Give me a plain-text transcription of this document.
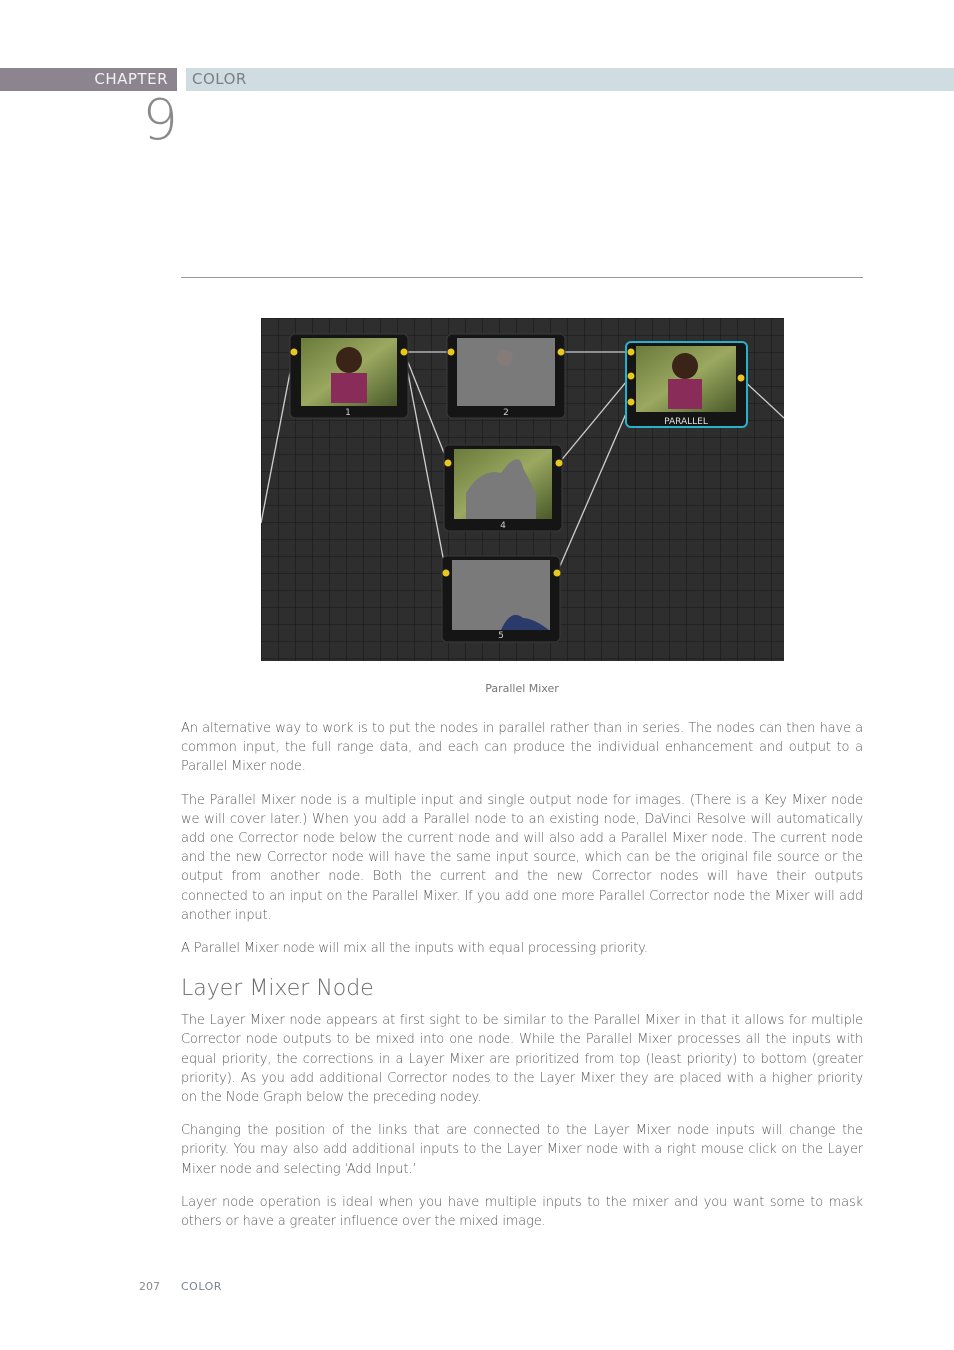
CHAPTER COLOR
9
1	2
PARALLEL
4
5
Parallel Mixer

An alternative way to work is to put the nodes in parallel rather than in series. The nodes can then have a common input, the full range data, and each can produce the individual enhancement and output to a Parallel Mixer node.

The Parallel Mixer node is a multiple input and single output node for images. (There is a Key Mixer node we will cover later.) When you add a Parallel node to an existing node, DaVinci Resolve will automatically add one Corrector node below the current node and will also add a Parallel Mixer node. The current node and the new Corrector node will have the same input source, which can be the original file source or the output from another node. Both the current and the new Corrector nodes will have their outputs connected to an input on the Parallel Mixer. If you add one more Parallel Corrector node the Mixer will add another input.

A Parallel Mixer node will mix all the inputs with equal processing priority.

Layer Mixer Node

The Layer Mixer node appears at first sight to be similar to the Parallel Mixer in that it allows for multiple Corrector node outputs to be mixed into one node. While the Parallel Mixer processes all the inputs with equal priority, the corrections in a Layer Mixer are prioritized from top (least priority) to bottom (greater priority). As you add additional Corrector nodes to the Layer Mixer they are placed with a higher priority on the Node Graph below the preceding nodey.

Changing the position of the links that are connected to the Layer Mixer node inputs will change the priority. You may also add additional inputs to the Layer Mixer node with a right mouse click on the Layer Mixer node and selecting ‘Add Input.’

Layer node operation is ideal when you have multiple inputs to the mixer and you want some to mask others or have a greater influence over the mixed image.

207 COLOR
